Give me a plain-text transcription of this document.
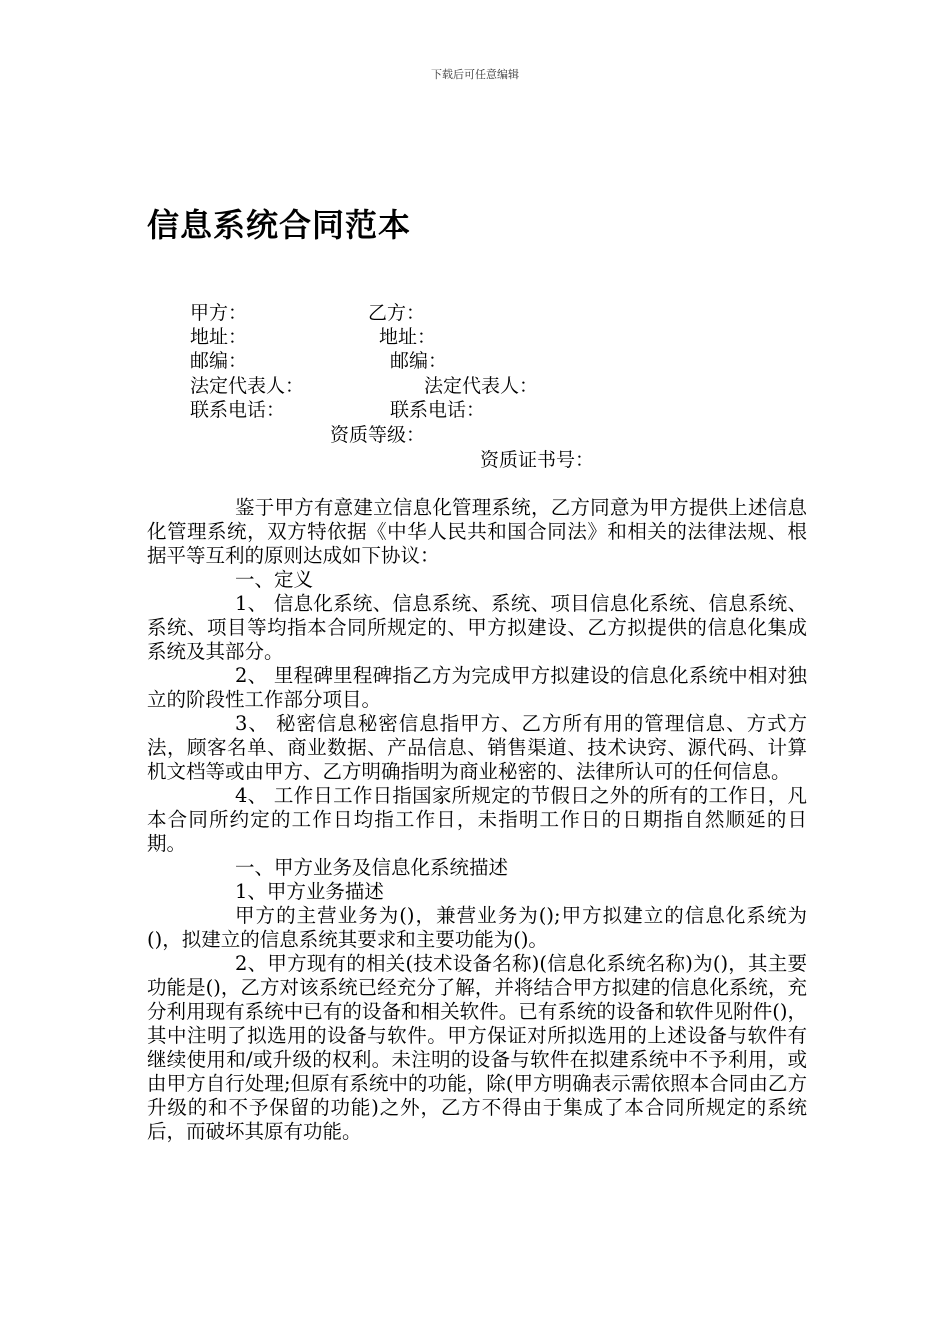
下载后可任意编辑
信息系统合同范本
甲方：	乙方：
地址：	地址：
邮编：	邮编：
法定代表人：	法定代表人：
联系电话：	联系电话：
资质等级：
资质证书号：

鉴于甲方有意建立信息化管理系统，乙方同意为甲方提供上述信息化管理系统，双方特依据《中华人民共和国合同法》和相关的法律法规、根据平等互利的原则达成如下协议：

一、定义

1、 信息化系统、信息系统、系统、项目信息化系统、信息系统、系统、项目等均指本合同所规定的、甲方拟建设、乙方拟提供的信息化集成系统及其部分。

2、 里程碑里程碑指乙方为完成甲方拟建设的信息化系统中相对独立的阶段性工作部分项目。

3、 秘密信息秘密信息指甲方、乙方所有用的管理信息、方式方法，顾客名单、商业数据、产品信息、销售渠道、技术诀窍、源代码、计算机文档等或由甲方、乙方明确指明为商业秘密的、法律所认可的任何信息。

4、 工作日工作日指国家所规定的节假日之外的所有的工作日，凡本合同所约定的工作日均指工作日，未指明工作日的日期指自然顺延的日期。

一、甲方业务及信息化系统描述

1、甲方业务描述

甲方的主营业务为()，兼营业务为();甲方拟建立的信息化系统为()，拟建立的信息系统其要求和主要功能为()。

2、甲方现有的相关(技术设备名称)(信息化系统名称)为()，其主要功能是()，乙方对该系统已经充分了解，并将结合甲方拟建的信息化系统，充分利用现有系统中已有的设备和相关软件。已有系统的设备和软件见附件()，其中注明了拟选用的设备与软件。甲方保证对所拟选用的上述设备与软件有继续使用和/或升级的权利。未注明的设备与软件在拟建系统中不予利用，或由甲方自行处理;但原有系统中的功能，除(甲方明确表示需依照本合同由乙方升级的和不予保留的功能)之外，乙方不得由于集成了本合同所规定的系统后，而破坏其原有功能。
